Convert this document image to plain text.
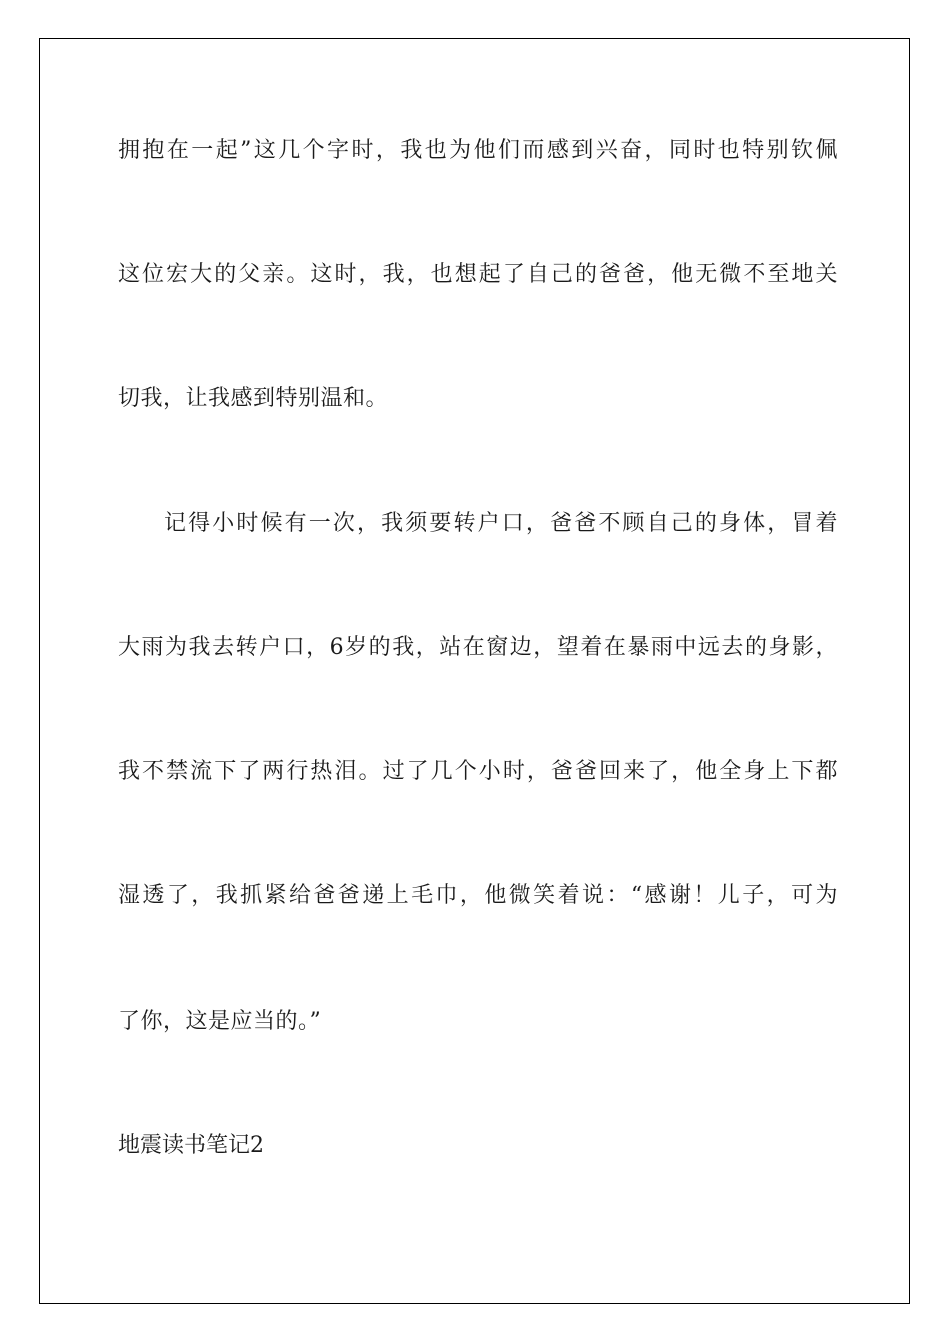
拥抱在一起”这几个字时，我也为他们而感到兴奋，同时也特别钦佩
这位宏大的父亲。这时，我，也想起了自己的爸爸，他无微不至地关
切我，让我感到特别温和。
记得小时候有一次，我须要转户口，爸爸不顾自己的身体，冒着
大雨为我去转户口，6岁的我，站在窗边，望着在暴雨中远去的身影，
我不禁流下了两行热泪。过了几个小时，爸爸回来了，他全身上下都
湿透了，我抓紧给爸爸递上毛巾，他微笑着说：“感谢！儿子，可为
了你，这是应当的。”
地震读书笔记2
